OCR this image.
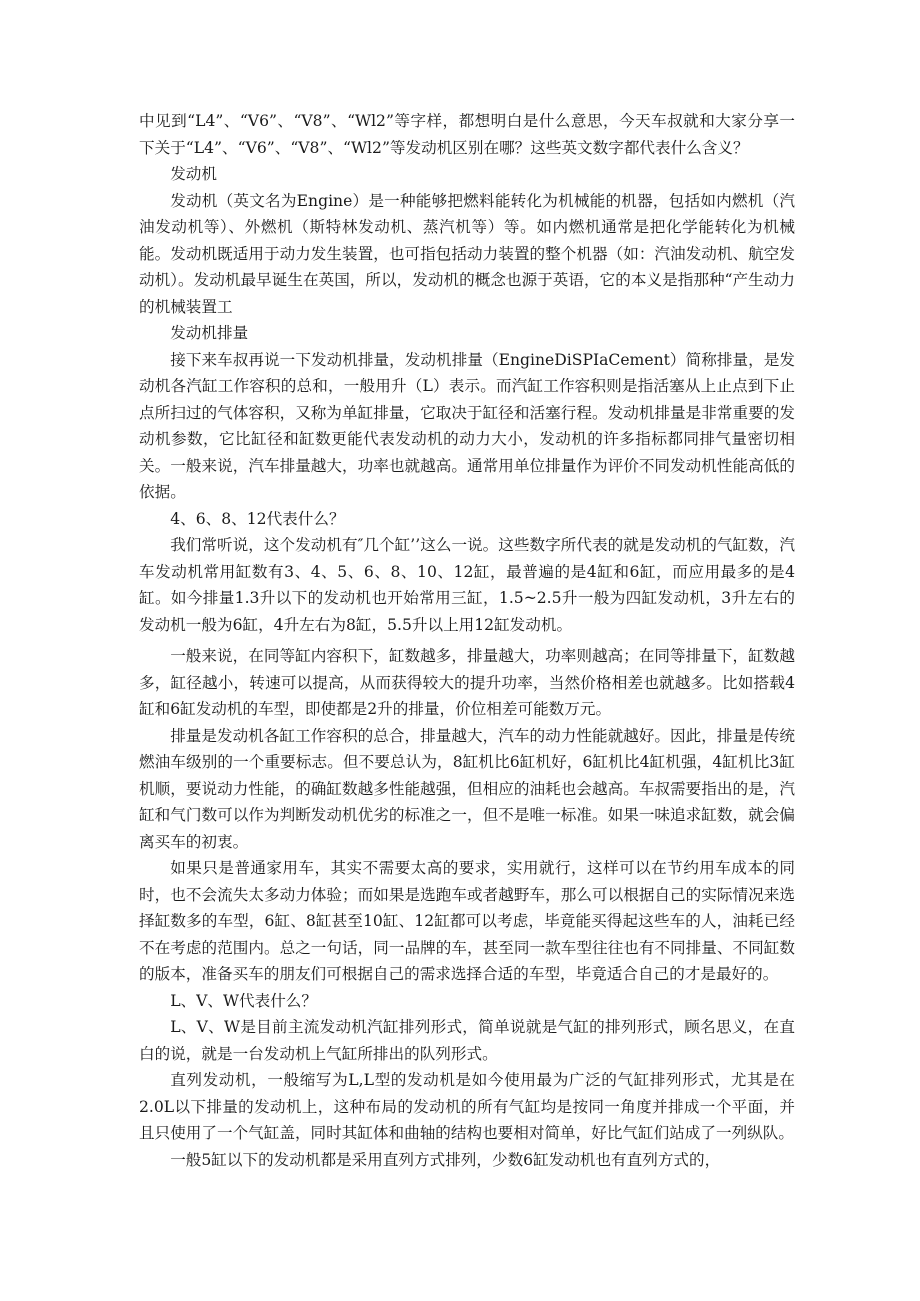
中见到“L4”、“V6”、“V8”、“Wl2”等字样，都想明白是什么意思，今天车叔就和大家分享一下关于“L4”、“V6”、“V8”、“Wl2”等发动机区别在哪？这些英文数字都代表什么含义？

发动机

发动机（英文名为Engine）是一种能够把燃料能转化为机械能的机器，包括如内燃机（汽油发动机等）、外燃机（斯特林发动机、蒸汽机等）等。如内燃机通常是把化学能转化为机械能。发动机既适用于动力发生装置，也可指包括动力装置的整个机器（如：汽油发动机、航空发动机）。发动机最早诞生在英国，所以，发动机的概念也源于英语，它的本义是指那种“产生动力的机械装置工

发动机排量

接下来车叔再说一下发动机排量，发动机排量（EngineDiSPIaCement）简称排量，是发动机各汽缸工作容积的总和，一般用升（L）表示。而汽缸工作容积则是指活塞从上止点到下止点所扫过的气体容积，又称为单缸排量，它取决于缸径和活塞行程。发动机排量是非常重要的发动机参数，它比缸径和缸数更能代表发动机的动力大小，发动机的许多指标都同排气量密切相关。一般来说，汽车排量越大，功率也就越高。通常用单位排量作为评价不同发动机性能高低的依据。

4、6、8、12代表什么？

我们常听说，这个发动机有″几个缸’’这么一说。这些数字所代表的就是发动机的气缸数，汽车发动机常用缸数有3、4、5、6、8、10、12缸，最普遍的是4缸和6缸，而应用最多的是4缸。如今排量1.3升以下的发动机也开始常用三缸，1.5~2.5升一般为四缸发动机，3升左右的发动机一般为6缸，4升左右为8缸，5.5升以上用12缸发动机。

一般来说，在同等缸内容积下，缸数越多，排量越大，功率则越高；在同等排量下，缸数越多，缸径越小，转速可以提高，从而获得较大的提升功率，当然价格相差也就越多。比如搭载4缸和6缸发动机的车型，即使都是2升的排量，价位相差可能数万元。

排量是发动机各缸工作容积的总合，排量越大，汽车的动力性能就越好。因此，排量是传统燃油车级别的一个重要标志。但不要总认为，8缸机比6缸机好，6缸机比4缸机强，4缸机比3缸机顺，要说动力性能，的确缸数越多性能越强，但相应的油耗也会越高。车叔需要指出的是，汽缸和气门数可以作为判断发动机优劣的标准之一，但不是唯一标准。如果一味追求缸数，就会偏离买车的初衷。

如果只是普通家用车，其实不需要太高的要求，实用就行，这样可以在节约用车成本的同时，也不会流失太多动力体验；而如果是选跑车或者越野车，那么可以根据自己的实际情况来选择缸数多的车型，6缸、8缸甚至10缸、12缸都可以考虑，毕竟能买得起这些车的人，油耗已经不在考虑的范围内。总之一句话，同一品牌的车，甚至同一款车型往往也有不同排量、不同缸数的版本，准备买车的朋友们可根据自己的需求选择合适的车型，毕竟适合自己的才是最好的。

L、V、W代表什么？

L、V、W是目前主流发动机汽缸排列形式，简单说就是气缸的排列形式，顾名思义，在直白的说，就是一台发动机上气缸所排出的队列形式。

直列发动机，一般缩写为L,L型的发动机是如今使用最为广泛的气缸排列形式，尤其是在2.0L以下排量的发动机上，这种布局的发动机的所有气缸均是按同一角度并排成一个平面，并且只使用了一个气缸盖，同时其缸体和曲轴的结构也要相对简单，好比气缸们站成了一列纵队。

一般5缸以下的发动机都是采用直列方式排列，少数6缸发动机也有直列方式的，
